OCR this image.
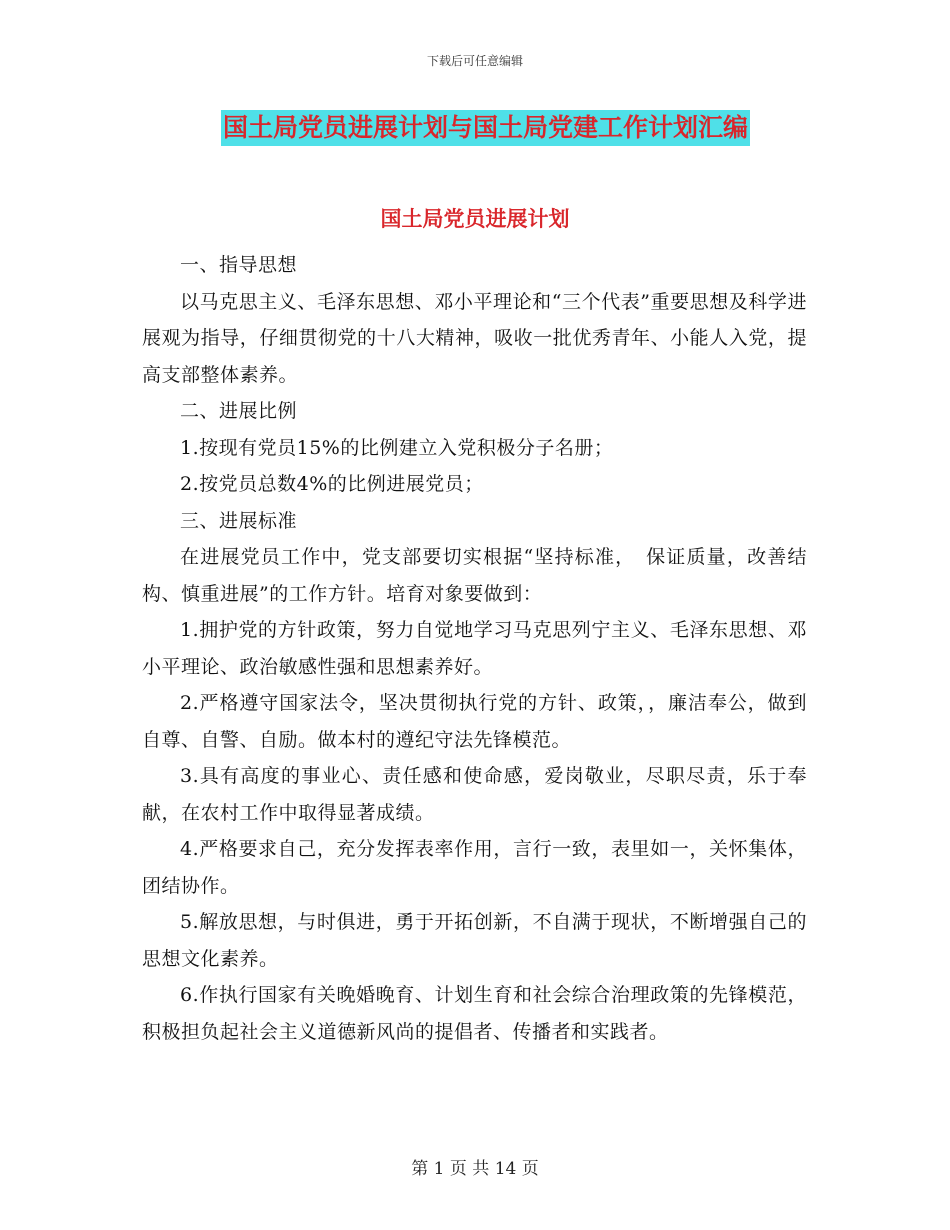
下载后可任意编辑
国土局党员进展计划与国土局党建工作计划汇编
国土局党员进展计划

一、指导思想

以马克思主义、毛泽东思想、邓小平理论和“三个代表”重要思想及科学进展观为指导，仔细贯彻党的十八大精神，吸收一批优秀青年、小能人入党，提高支部整体素养。

二、进展比例

1.按现有党员15%的比例建立入党积极分子名册；

2.按党员总数4%的比例进展党员；

三、进展标准

在进展党员工作中，党支部要切实根据“坚持标准，　保证质量，改善结构、慎重进展”的工作方针。培育对象要做到：

1.拥护党的方针政策，努力自觉地学习马克思列宁主义、毛泽东思想、邓小平理论、政治敏感性强和思想素养好。

2.严格遵守国家法令，坚决贯彻执行党的方针、政策，，廉洁奉公，做到自尊、自警、自励。做本村的遵纪守法先锋模范。

3.具有高度的事业心、责任感和使命感，爱岗敬业，尽职尽责，乐于奉献，在农村工作中取得显著成绩。

4.严格要求自己，充分发挥表率作用，言行一致，表里如一，关怀集体，团结协作。

5.解放思想，与时俱进，勇于开拓创新，不自满于现状，不断增强自己的思想文化素养。

6.作执行国家有关晚婚晚育、计划生育和社会综合治理政策的先锋模范，积极担负起社会主义道德新风尚的提倡者、传播者和实践者。

第 1 页 共 14 页
